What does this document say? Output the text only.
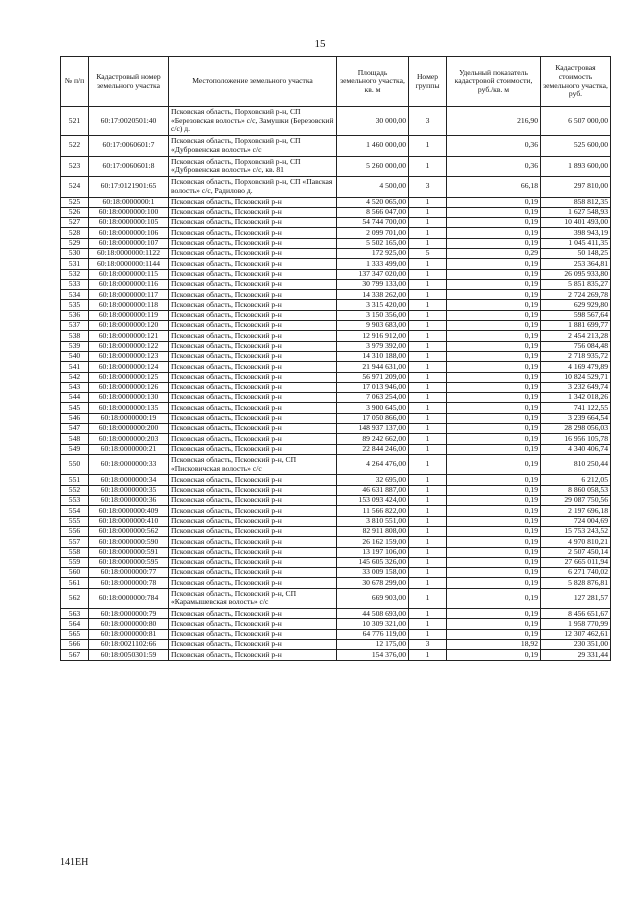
15
№ п/п	Кадастровый номер земельного участка	Местоположение земельного участка	Площадь земельного участка, кв. м	Номер группы	Удельный показатель кадастровой стоимости, руб./кв. м	Кадастровая стоимость земельного участка, руб.
521	60:17:0020501:40	Псковская область, Порховский р-н, СП «Березовская волость» с/с, Замушки (Березовский с/с) д.	30 000,00	3	216,90	6 507 000,00
522	60:17:0060601:7	Псковская область, Порховский р-н, СП «Дубровенская волость» с/с	1 460 000,00	1	0,36	525 600,00
523	60:17:0060601:8	Псковская область, Порховский р-н, СП «Дубровенская волость» с/с, кв. 81	5 260 000,00	1	0,36	1 893 600,00
524	60:17:0121901:65	Псковская область, Порховский р-н, СП «Павская волость» с/с, Радилово д.	4 500,00	3	66,18	297 810,00
525	60:18:0000000:1	Псковская область, Псковский р-н	4 520 065,00	1	0,19	858 812,35
526	60:18:0000000:100	Псковская область, Псковский р-н	8 566 047,00	1	0,19	1 627 548,93
527	60:18:0000000:105	Псковская область, Псковский р-н	54 744 700,00	1	0,19	10 401 493,00
528	60:18:0000000:106	Псковская область, Псковский р-н	2 099 701,00	1	0,19	398 943,19
529	60:18:0000000:107	Псковская область, Псковский р-н	5 502 165,00	1	0,19	1 045 411,35
530	60:18:0000000:1122	Псковская область, Псковский р-н	172 925,00	5	0,29	50 148,25
531	60:18:0000000:1144	Псковская область, Псковский р-н	1 333 499,00	1	0,19	253 364,81
532	60:18:0000000:115	Псковская область, Псковский р-н	137 347 020,00	1	0,19	26 095 933,80
533	60:18:0000000:116	Псковская область, Псковский р-н	30 799 133,00	1	0,19	5 851 835,27
534	60:18:0000000:117	Псковская область, Псковский р-н	14 338 262,00	1	0,19	2 724 269,78
535	60:18:0000000:118	Псковская область, Псковский р-н	3 315 420,00	1	0,19	629 929,80
536	60:18:0000000:119	Псковская область, Псковский р-н	3 150 356,00	1	0,19	598 567,64
537	60:18:0000000:120	Псковская область, Псковский р-н	9 903 683,00	1	0,19	1 881 699,77
538	60:18:0000000:121	Псковская область, Псковский р-н	12 916 912,00	1	0,19	2 454 213,28
539	60:18:0000000:122	Псковская область, Псковский р-н	3 979 392,00	1	0,19	756 084,48
540	60:18:0000000:123	Псковская область, Псковский р-н	14 310 188,00	1	0,19	2 718 935,72
541	60:18:0000000:124	Псковская область, Псковский р-н	21 944 631,00	1	0,19	4 169 479,89
542	60:18:0000000:125	Псковская область, Псковский р-н	56 971 209,00	1	0,19	10 824 529,71
543	60:18:0000000:126	Псковская область, Псковский р-н	17 013 946,00	1	0,19	3 232 649,74
544	60:18:0000000:130	Псковская область, Псковский р-н	7 063 254,00	1	0,19	1 342 018,26
545	60:18:0000000:135	Псковская область, Псковский р-н	3 900 645,00	1	0,19	741 122,55
546	60:18:0000000:19	Псковская область, Псковский р-н	17 050 866,00	1	0,19	3 239 664,54
547	60:18:0000000:200	Псковская область, Псковский р-н	148 937 137,00	1	0,19	28 298 056,03
548	60:18:0000000:203	Псковская область, Псковский р-н	89 242 662,00	1	0,19	16 956 105,78
549	60:18:0000000:21	Псковская область, Псковский р-н	22 844 246,00	1	0,19	4 340 406,74
550	60:18:0000000:33	Псковская область, Псковский р-н, СП «Писковичская волость» с/с	4 264 476,00	1	0,19	810 250,44
551	60:18:0000000:34	Псковская область, Псковский р-н	32 695,00	1	0,19	6 212,05
552	60:18:0000000:35	Псковская область, Псковский р-н	46 631 887,00	1	0,19	8 860 058,53
553	60:18:0000000:36	Псковская область, Псковский р-н	153 093 424,00	1	0,19	29 087 750,56
554	60:18:0000000:409	Псковская область, Псковский р-н	11 566 822,00	1	0,19	2 197 696,18
555	60:18:0000000:410	Псковская область, Псковский р-н	3 810 551,00	1	0,19	724 004,69
556	60:18:0000000:562	Псковская область, Псковский р-н	82 911 808,00	1	0,19	15 753 243,52
557	60:18:0000000:590	Псковская область, Псковский р-н	26 162 159,00	1	0,19	4 970 810,21
558	60:18:0000000:591	Псковская область, Псковский р-н	13 197 106,00	1	0,19	2 507 450,14
559	60:18:0000000:595	Псковская область, Псковский р-н	145 605 326,00	1	0,19	27 665 011,94
560	60:18:0000000:77	Псковская область, Псковский р-н	33 009 158,00	1	0,19	6 271 740,02
561	60:18:0000000:78	Псковская область, Псковский р-н	30 678 299,00	1	0,19	5 828 876,81
562	60:18:0000000:784	Псковская область, Псковский р-н, СП «Карамышевская волость» с/с	669 903,00	1	0,19	127 281,57
563	60:18:0000000:79	Псковская область, Псковский р-н	44 508 693,00	1	0,19	8 456 651,67
564	60:18:0000000:80	Псковская область, Псковский р-н	10 309 321,00	1	0,19	1 958 770,99
565	60:18:0000000:81	Псковская область, Псковский р-н	64 776 119,00	1	0,19	12 307 462,61
566	60:18:0021102:66	Псковская область, Псковский р-н	12 175,00	3	18,92	230 351,00
567	60:18:0050301:59	Псковская область, Псковский р-н	154 376,00	1	0,19	29 331,44
141EH
